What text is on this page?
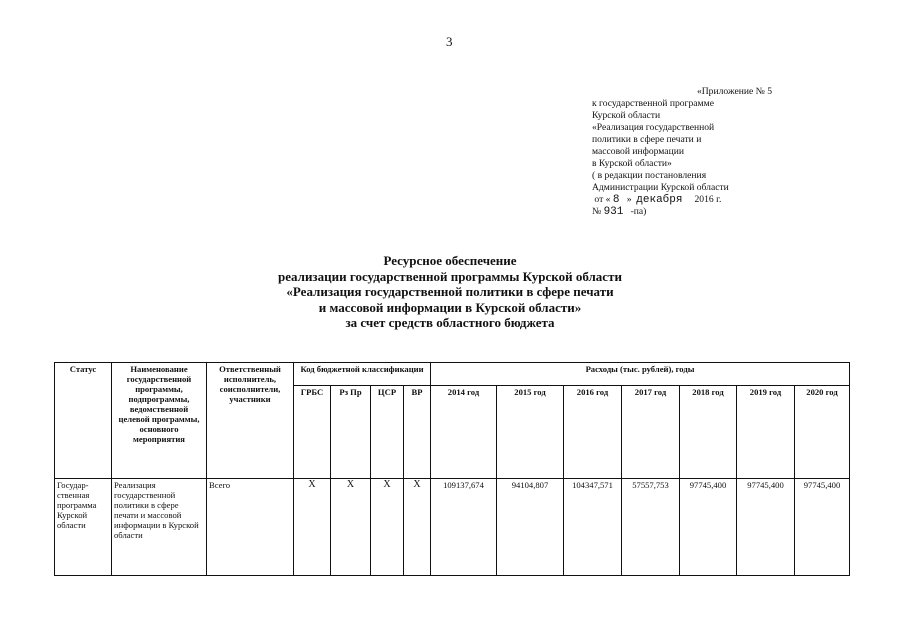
3
«Приложение № 5
к государственной программе
Курской области
«Реализация государственной
политики в сфере печати и
массовой информации
в Курской области»
( в редакции постановления
Администрации Курской области
от « 8 » декабря 2016 г.
№ 931 -па)
Ресурсное обеспечение
реализации государственной программы Курской области
«Реализация государственной политики в сфере печати
и массовой информации в Курской области»
за счет средств областного бюджета
Статус	Наименование государственной программы, подпрограммы, ведомственной целевой программы, основного мероприятия	Ответственный исполнитель, соисполнители, участники	Код бюджетной классификации				Расходы (тыс. рублей), годы						
			ГРБС	Рз Пр	ЦСР	ВР	2014 год	2015 год	2016 год	2017 год	2018 год	2019 год	2020 год
Государ-ственная программа Курской области	Реализация государственной политики в сфере печати и массовой информации в Курской области	Всего	Х	Х	Х	Х	109137,674	94104,807	104347,571	57557,753	97745,400	97745,400	97745,400
